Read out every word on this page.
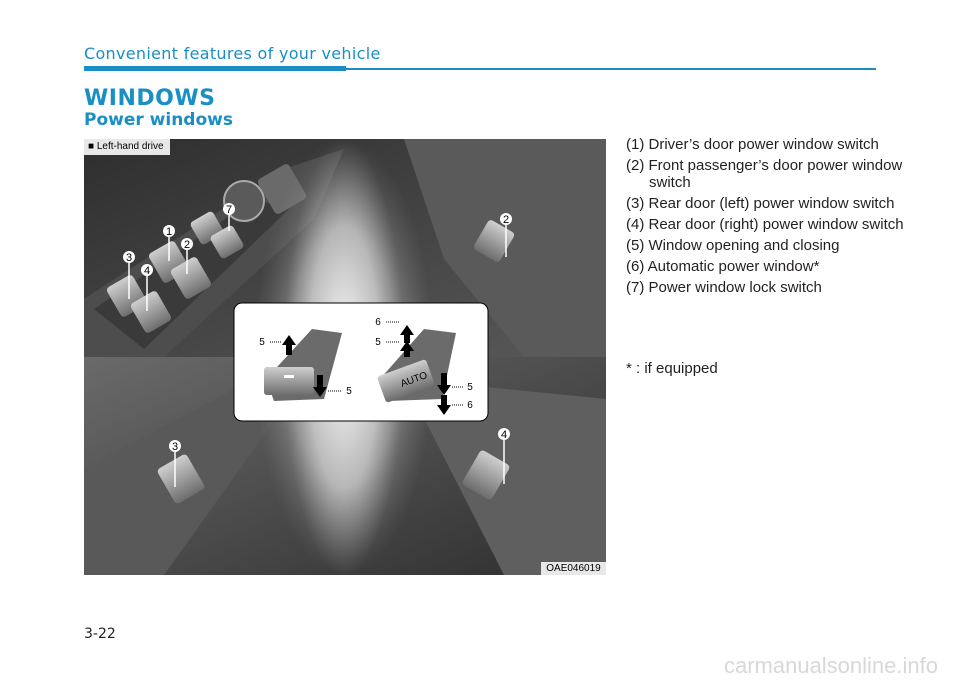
Convenient features of your vehicle
WINDOWS
Power windows
1
2
3
4
7
2
3
4
5
5
AUTO
6
5
5
6
■ Left-hand drive
OAE046019
(1) Driver’s door power window switch
(2) Front passenger’s door power window switch
(3) Rear door (left) power window switch
(4) Rear door (right) power window switch
(5) Window opening and closing
(6) Automatic power window*
(7) Power window lock switch
* : if equipped
3-22
carmanualsonline.info
